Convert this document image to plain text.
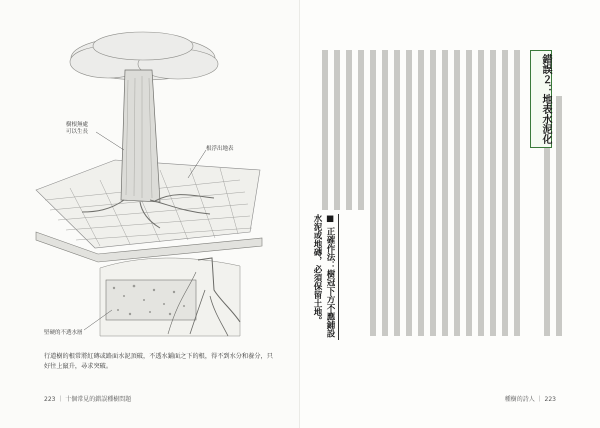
樹根無處
可以生長
根浮出地表
堅硬的不透水層
行道樹的根常將紅磚或路面水泥頂破，不透水鋪面之下的根，得不到水分和養分，只好往上竄升，尋求突破。
223 ｜ 十個常見的錯誤種樹問題
錯誤２：地表水泥化
■ 正確作法：樹冠下方不應鋪設水泥或地磚，必須保留土地。
種樹的詩人 ｜ 223
